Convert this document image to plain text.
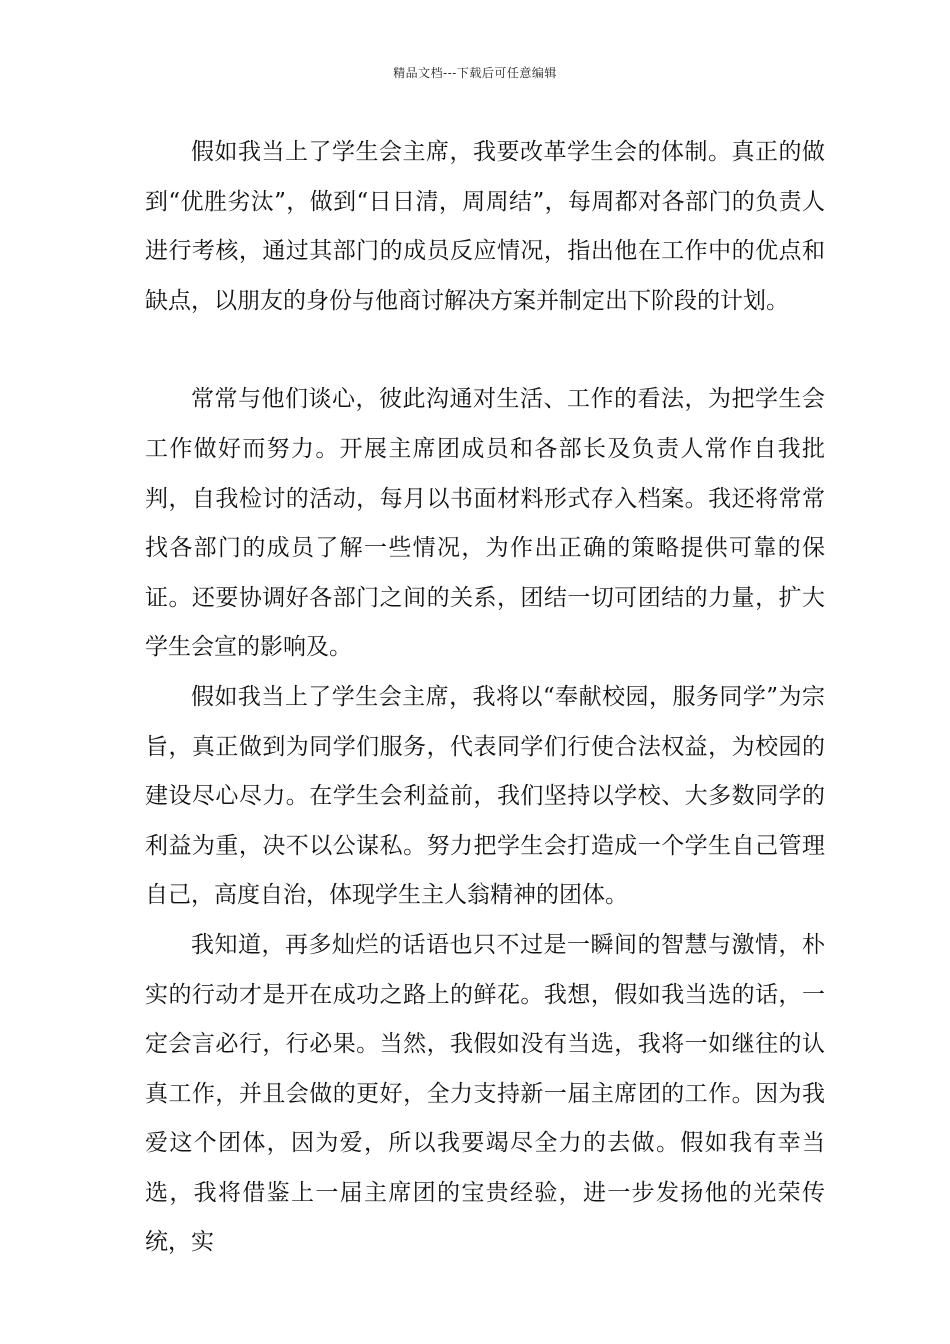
精品文档---下载后可任意编辑

假如我当上了学生会主席，我要改革学生会的体制。真正的做到“优胜劣汰”，做到“日日清，周周结”，每周都对各部门的负责人进行考核，通过其部门的成员反应情况，指出他在工作中的优点和缺点，以朋友的身份与他商讨解决方案并制定出下阶段的计划。

常常与他们谈心，彼此沟通对生活、工作的看法，为把学生会工作做好而努力。开展主席团成员和各部长及负责人常作自我批判，自我检讨的活动，每月以书面材料形式存入档案。我还将常常找各部门的成员了解一些情况，为作出正确的策略提供可靠的保证。还要协调好各部门之间的关系，团结一切可团结的力量，扩大学生会宣的影响及。

假如我当上了学生会主席，我将以“奉献校园，服务同学”为宗旨，真正做到为同学们服务，代表同学们行使合法权益，为校园的建设尽心尽力。在学生会利益前，我们坚持以学校、大多数同学的利益为重，决不以公谋私。努力把学生会打造成一个学生自己管理自己，高度自治，体现学生主人翁精神的团体。

我知道，再多灿烂的话语也只不过是一瞬间的智慧与激情，朴实的行动才是开在成功之路上的鲜花。我想，假如我当选的话，一定会言必行，行必果。当然，我假如没有当选，我将一如继往的认真工作，并且会做的更好，全力支持新一届主席团的工作。因为我爱这个团体，因为爱，所以我要竭尽全力的去做。假如我有幸当选，我将借鉴上一届主席团的宝贵经验，进一步发扬他的光荣传统，实
